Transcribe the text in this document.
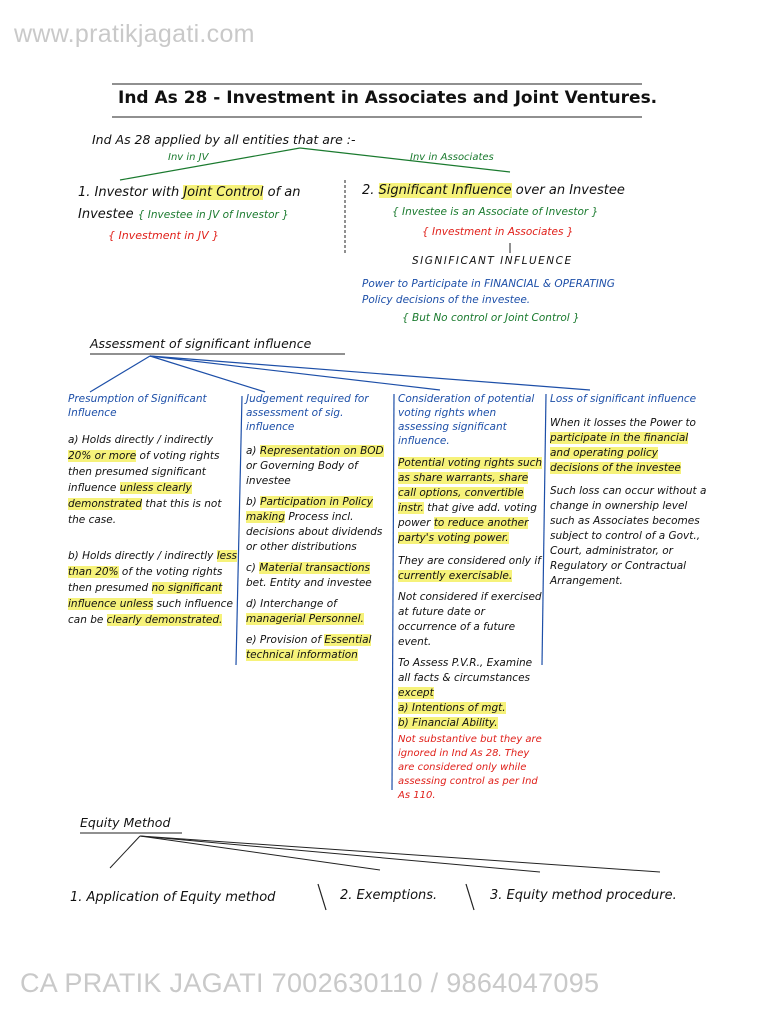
www.pratikjagati.com
Ind As 28 - Investment in Associates and Joint Ventures.
Ind As 28 applied by all entities that are :-
Inv in JV	Inv in Associates
1. Investor with Joint Control of an
Investee { Investee in JV of Investor }
{ Investment in JV }
2. Significant Influence over an Investee
{ Investee is an Associate of Investor }
{ Investment in Associates }
SIGNIFICANT INFLUENCE
Power to Participate in FINANCIAL & OPERATING
Policy decisions of the investee.
{ But No control or Joint Control }
Assessment of significant influence
Presumption of Significant Influence
a) Holds directly / indirectly 20% or more of voting rights then presumed significant influence unless clearly demonstrated that this is not the case.
b) Holds directly / indirectly less than 20% of the voting rights then presumed no significant influence unless such influence can be clearly demonstrated.
Judgement required for assessment of sig. influence
a) Representation on BOD or Governing Body of investee
b) Participation in Policy making Process incl. decisions about dividends or other distributions
c) Material transactions bet. Entity and investee
d) Interchange of managerial Personnel.
e) Provision of Essential technical information
Consideration of potential voting rights when assessing significant influence.
Potential voting rights such as share warrants, share call options, convertible instr. that give add. voting power to reduce another party's voting power.
They are considered only if currently exercisable.
Not considered if exercised at future date or occurrence of a future event.
To Assess P.V.R., Examine all facts & circumstances except
a) Intentions of mgt.
b) Financial Ability.
Not substantive but they are ignored in Ind As 28. They are considered only while assessing control as per Ind As 110.
Loss of significant influence
When it losses the Power to participate in the financial and operating policy decisions of the investee
Such loss can occur without a change in ownership level such as Associates becomes subject to control of a Govt., Court, administrator, or Regulatory or Contractual Arrangement.
Equity Method
1. Application of Equity method	2. Exemptions.	3. Equity method procedure.
CA PRATIK JAGATI 7002630110 / 9864047095
